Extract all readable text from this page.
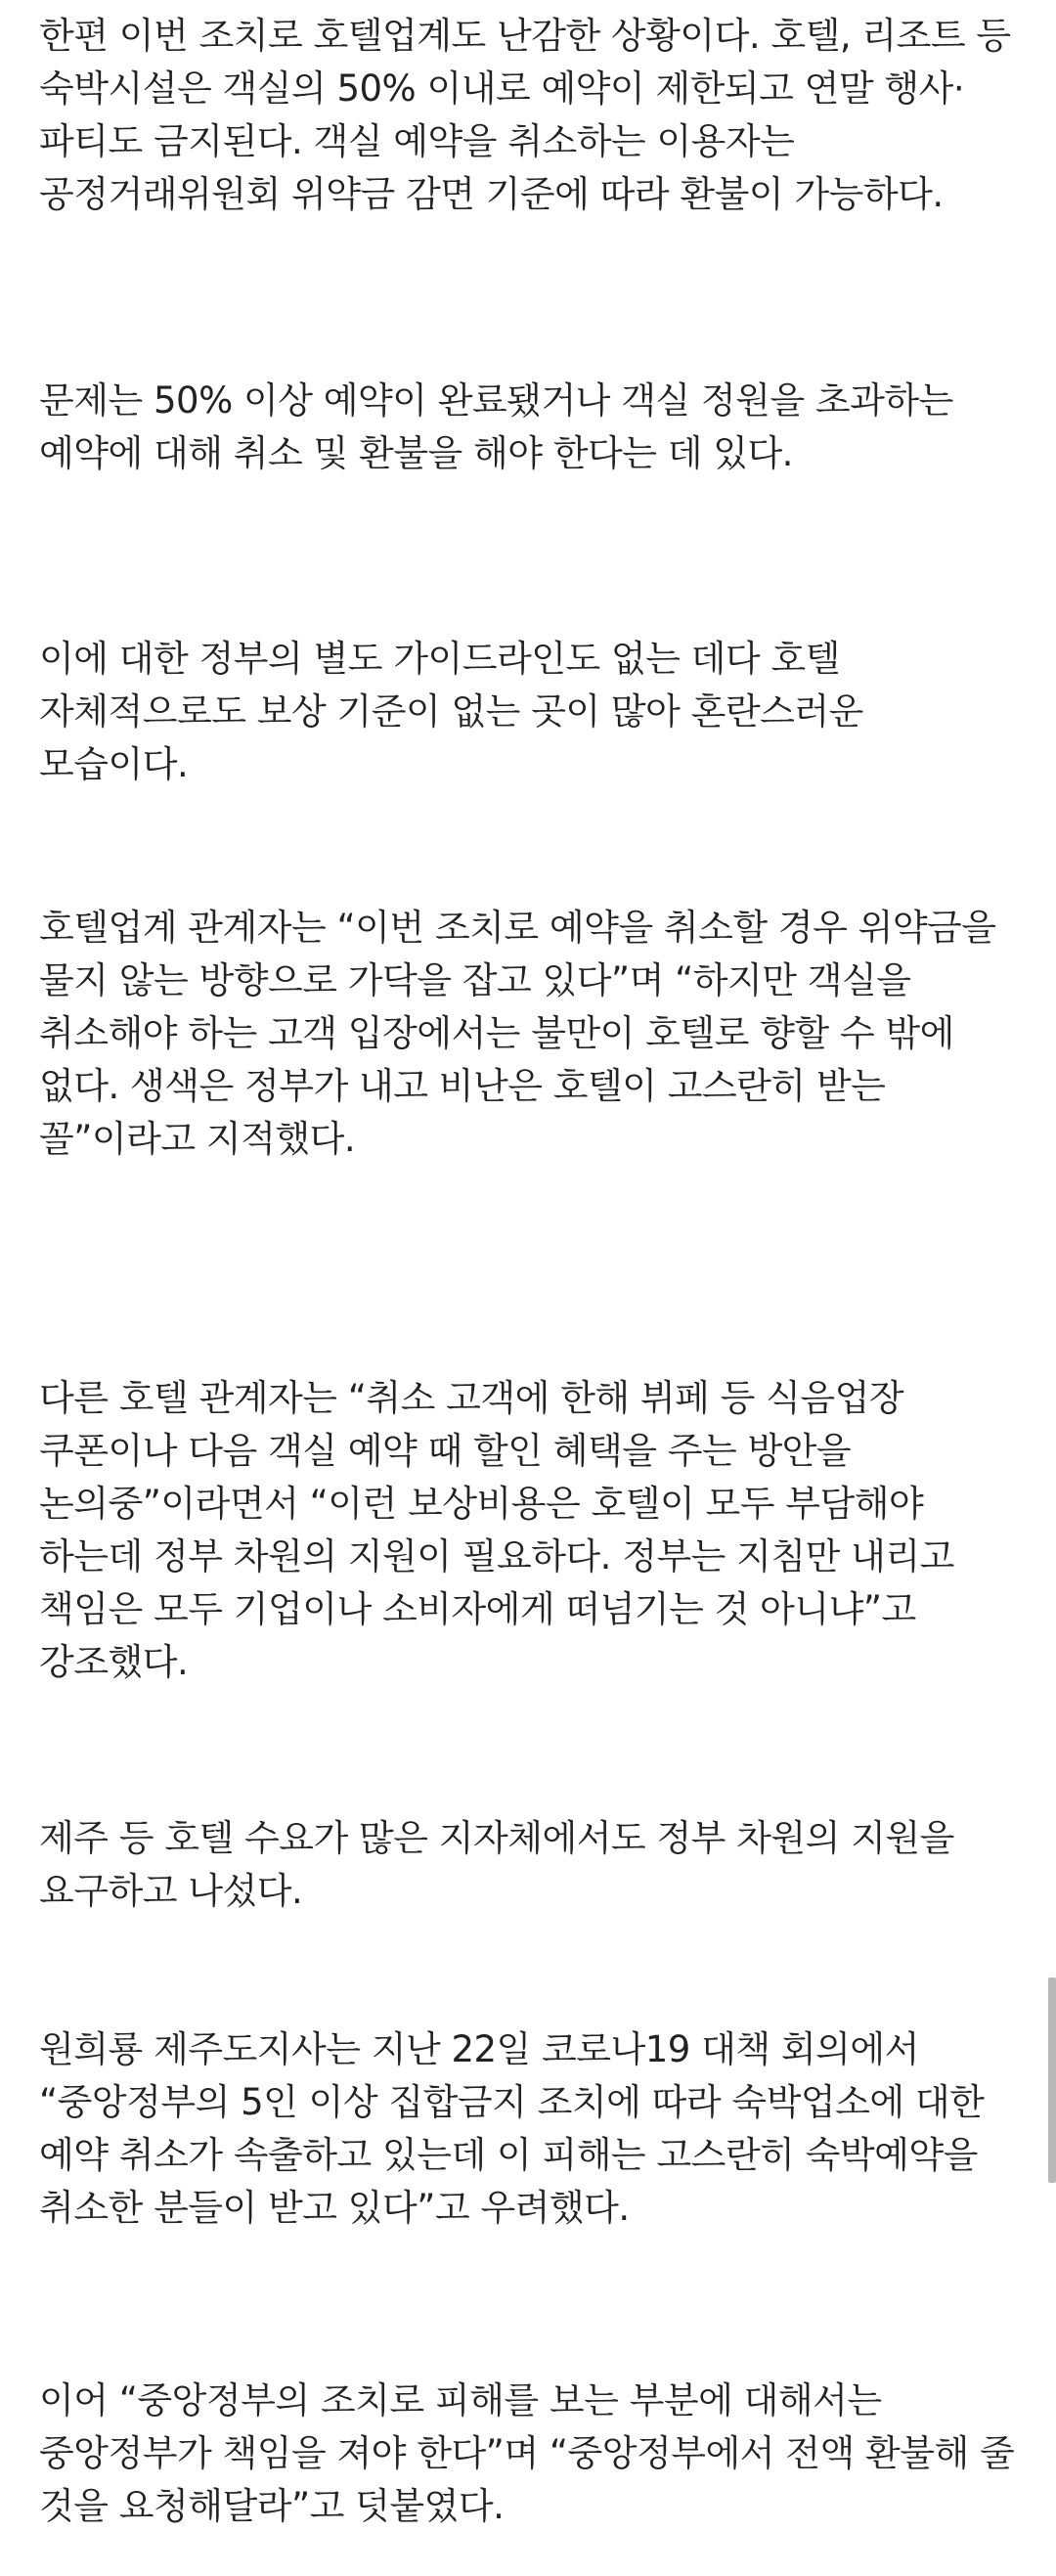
한편 이번 조치로 호텔업계도 난감한 상황이다. 호텔, 리조트 등 숙박시설은 객실의 50% 이내로 예약이 제한되고 연말 행사·파티도 금지된다. 객실 예약을 취소하는 이용자는 공정거래위원회 위약금 감면 기준에 따라 환불이 가능하다.

문제는 50% 이상 예약이 완료됐거나 객실 정원을 초과하는 예약에 대해 취소 및 환불을 해야 한다는 데 있다.

이에 대한 정부의 별도 가이드라인도 없는 데다 호텔 자체적으로도 보상 기준이 없는 곳이 많아 혼란스러운 모습이다.

호텔업계 관계자는 “이번 조치로 예약을 취소할 경우 위약금을 물지 않는 방향으로 가닥을 잡고 있다”며 “하지만 객실을 취소해야 하는 고객 입장에서는 불만이 호텔로 향할 수 밖에 없다. 생색은 정부가 내고 비난은 호텔이 고스란히 받는 꼴”이라고 지적했다.

다른 호텔 관계자는 “취소 고객에 한해 뷔페 등 식음업장 쿠폰이나 다음 객실 예약 때 할인 혜택을 주는 방안을 논의중”이라면서 “이런 보상비용은 호텔이 모두 부담해야 하는데 정부 차원의 지원이 필요하다. 정부는 지침만 내리고 책임은 모두 기업이나 소비자에게 떠넘기는 것 아니냐”고 강조했다.

제주 등 호텔 수요가 많은 지자체에서도 정부 차원의 지원을 요구하고 나섰다.

원희룡 제주도지사는 지난 22일 코로나19 대책 회의에서 “중앙정부의 5인 이상 집합금지 조치에 따라 숙박업소에 대한 예약 취소가 속출하고 있는데 이 피해는 고스란히 숙박예약을 취소한 분들이 받고 있다”고 우려했다.

이어 “중앙정부의 조치로 피해를 보는 부분에 대해서는 중앙정부가 책임을 져야 한다”며 “중앙정부에서 전액 환불해 줄 것을 요청해달라”고 덧붙였다.
